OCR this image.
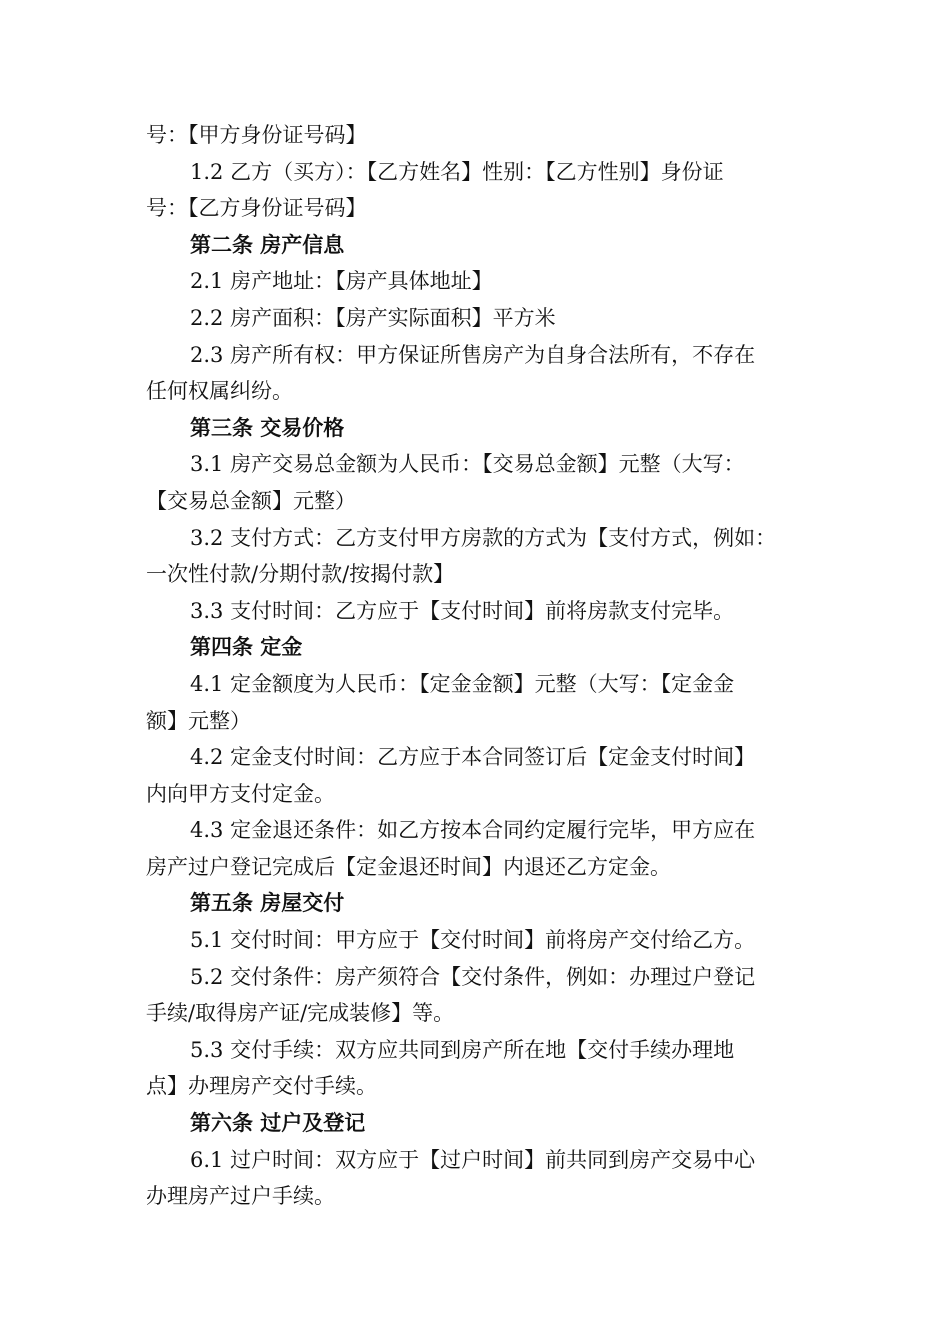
号：【甲方身份证号码】
1.2 乙方（买方）：【乙方姓名】性别：【乙方性别】身份证
号：【乙方身份证号码】
第二条 房产信息
2.1 房产地址：【房产具体地址】
2.2 房产面积：【房产实际面积】平方米
2.3 房产所有权：甲方保证所售房产为自身合法所有，不存在
任何权属纠纷。
第三条 交易价格
3.1 房产交易总金额为人民币：【交易总金额】元整（大写：
【交易总金额】元整）
3.2 支付方式：乙方支付甲方房款的方式为【支付方式，例如：
一次性付款/分期付款/按揭付款】
3.3 支付时间：乙方应于【支付时间】前将房款支付完毕。
第四条 定金
4.1 定金额度为人民币：【定金金额】元整（大写：【定金金
额】元整）
4.2 定金支付时间：乙方应于本合同签订后【定金支付时间】
内向甲方支付定金。
4.3 定金退还条件：如乙方按本合同约定履行完毕，甲方应在
房产过户登记完成后【定金退还时间】内退还乙方定金。
第五条 房屋交付
5.1 交付时间：甲方应于【交付时间】前将房产交付给乙方。
5.2 交付条件：房产须符合【交付条件，例如：办理过户登记
手续/取得房产证/完成装修】等。
5.3 交付手续：双方应共同到房产所在地【交付手续办理地
点】办理房产交付手续。
第六条 过户及登记
6.1 过户时间：双方应于【过户时间】前共同到房产交易中心
办理房产过户手续。
